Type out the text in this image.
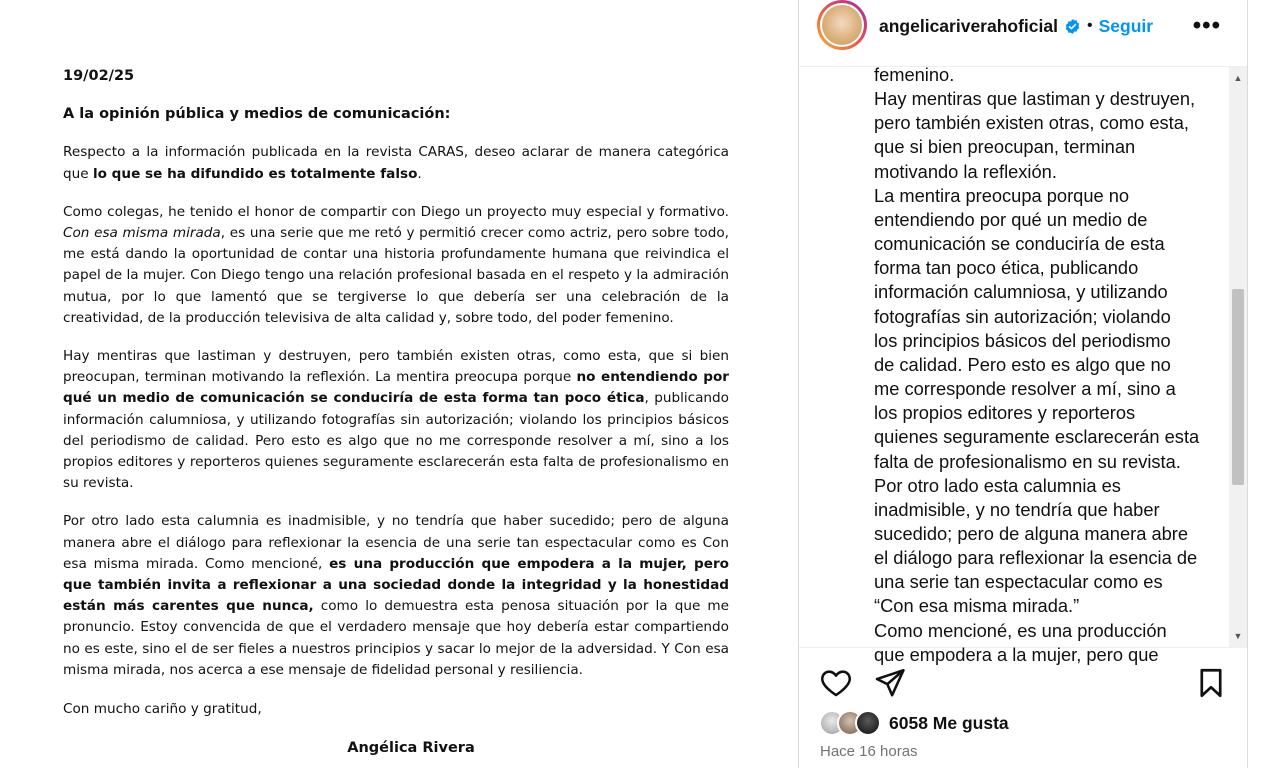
19/02/25
A la opinión pública y medios de comunicación:
Respecto a la información publicada en la revista CARAS, deseo aclarar de manera categórica que lo que se ha difundido es totalmente falso.
Como colegas, he tenido el honor de compartir con Diego un proyecto muy especial y formativo. Con esa misma mirada, es una serie que me retó y permitió crecer como actriz, pero sobre todo, me está dando la oportunidad de contar una historia profundamente humana que reivindica el papel de la mujer. Con Diego tengo una relación profesional basada en el respeto y la admiración mutua, por lo que lamentó que se tergiverse lo que debería ser una celebración de la creatividad, de la producción televisiva de alta calidad y, sobre todo, del poder femenino.
Hay mentiras que lastiman y destruyen, pero también existen otras, como esta, que si bien preocupan, terminan motivando la reflexión. La mentira preocupa porque no entendiendo por qué un medio de comunicación se conduciría de esta forma tan poco ética, publicando información calumniosa, y utilizando fotografías sin autorización; violando los principios básicos del periodismo de calidad. Pero esto es algo que no me corresponde resolver a mí, sino a los propios editores y reporteros quienes seguramente esclarecerán esta falta de profesionalismo en su revista.
Por otro lado esta calumnia es inadmisible, y no tendría que haber sucedido; pero de alguna manera abre el diálogo para reflexionar la esencia de una serie tan espectacular como es Con esa misma mirada. Como mencioné, es una producción que empodera a la mujer, pero que también invita a reflexionar a una sociedad donde la integridad y la honestidad están más carentes que nunca, como lo demuestra esta penosa situación por la que me pronuncio. Estoy convencida de que el verdadero mensaje que hoy debería estar compartiendo no es este, sino el de ser fieles a nuestros principios y sacar lo mejor de la adversidad. Y Con esa misma mirada, nos acerca a ese mensaje de fidelidad personal y resiliencia.
Con mucho cariño y gratitud,
Angélica Rivera
angelicariverahoficial • Seguir •••
femenino.
Hay mentiras que lastiman y destruyen,
pero también existen otras, como esta,
que si bien preocupan, terminan
motivando la reflexión.
La mentira preocupa porque no
entendiendo por qué un medio de
comunicación se conduciría de esta
forma tan poco ética, publicando
información calumniosa, y utilizando
fotografías sin autorización; violando
los principios básicos del periodismo
de calidad. Pero esto es algo que no
me corresponde resolver a mí, sino a
los propios editores y reporteros
quienes seguramente esclarecerán esta
falta de profesionalismo en su revista.
Por otro lado esta calumnia es
inadmisible, y no tendría que haber
sucedido; pero de alguna manera abre
el diálogo para reflexionar la esencia de
una serie tan espectacular como es
“Con esa misma mirada.”
Como mencioné, es una producción
que empodera a la mujer, pero que
▲
▼
6058 Me gusta
Hace 16 horas
